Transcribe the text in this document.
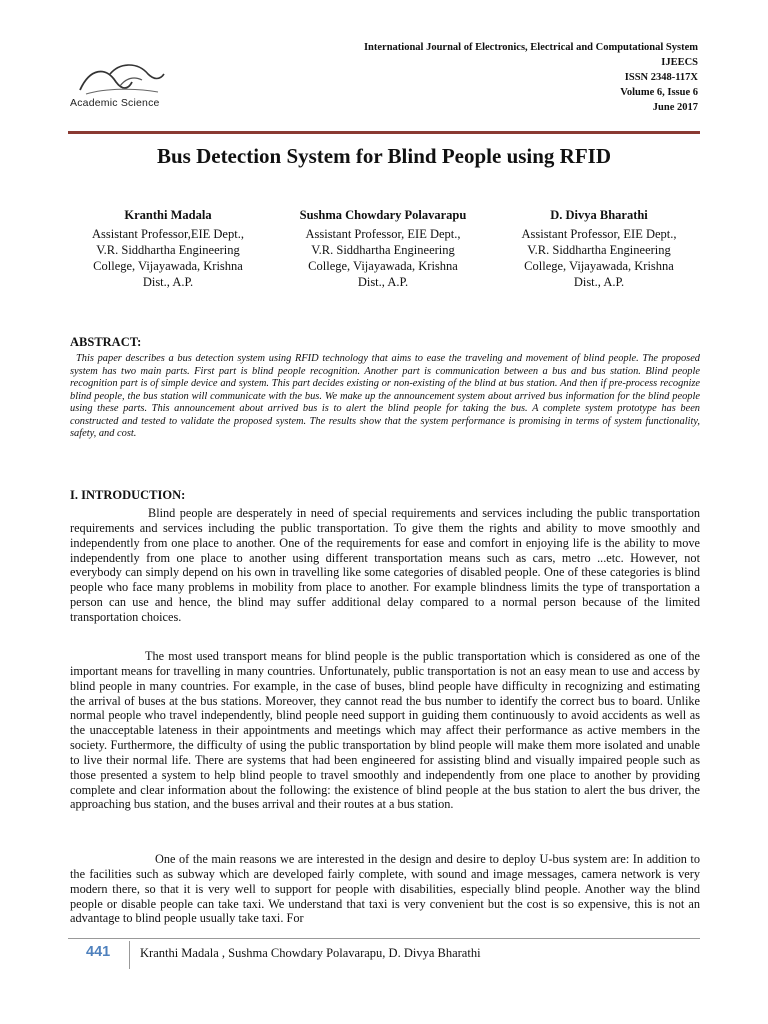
Academic Science
International Journal of Electronics, Electrical and Computational System
IJEECS
ISSN 2348-117X
Volume 6, Issue 6
June 2017
Bus Detection System for Blind People using RFID
Kranthi Madala
Assistant Professor,EIE Dept.,
V.R. Siddhartha Engineering
College, Vijayawada, Krishna
Dist., A.P.
Sushma Chowdary Polavarapu
Assistant Professor, EIE Dept.,
V.R. Siddhartha Engineering
College, Vijayawada, Krishna
Dist., A.P.
D. Divya Bharathi
Assistant Professor, EIE Dept.,
V.R. Siddhartha Engineering
College, Vijayawada, Krishna
Dist., A.P.
ABSTRACT:

This paper describes a bus detection system using RFID technology that aims to ease the traveling and movement of blind people. The proposed system has two main parts. First part is blind people recognition. Another part is communication between a bus and bus station. Blind people recognition part is of simple device and system. This part decides existing or non-existing of the blind at bus station. And then if pre-process recognize blind people, the bus station will communicate with the bus. We make up the announcement system about arrived bus information for the blind people using these parts. This announcement about arrived bus is to alert the blind people for taking the bus. A complete system prototype has been constructed and tested to validate the proposed system. The results show that the system performance is promising in terms of system functionality, safety, and cost.

I. INTRODUCTION:

Blind people are desperately in need of special requirements and services including the public transportation requirements and services including the public transportation. To give them the rights and ability to move smoothly and independently from one place to another. One of the requirements for ease and comfort in enjoying life is the ability to move independently from one place to another using different transportation means such as cars, metro ...etc. However, not everybody can simply depend on his own in travelling like some categories of disabled people. One of these categories is blind people who face many problems in mobility from place to another. For example blindness limits the type of transportation a person can use and hence, the blind may suffer additional delay compared to a normal person because of the limited transportation choices.

The most used transport means for blind people is the public transportation which is considered as one of the important means for travelling in many countries. Unfortunately, public transportation is not an easy mean to use and access by blind people in many countries. For example, in the case of buses, blind people have difficulty in recognizing and estimating the arrival of buses at the bus stations. Moreover, they cannot read the bus number to identify the correct bus to board. Unlike normal people who travel independently, blind people need support in guiding them continuously to avoid accidents as well as the unacceptable lateness in their appointments and meetings which may affect their performance as active members in the society. Furthermore, the difficulty of using the public transportation by blind people will make them more isolated and unable to live their normal life. There are systems that had been engineered for assisting blind and visually impaired people such as those presented a system to help blind people to travel smoothly and independently from one place to another by providing complete and clear information about the following: the existence of blind people at the bus station to alert the bus driver, the approaching bus station, and the buses arrival and their routes at a bus station.

One of the main reasons we are interested in the design and desire to deploy U-bus system are: In addition to the facilities such as subway which are developed fairly complete, with sound and image messages, camera network is very modern there, so that it is very well to support for people with disabilities, especially blind people. Another way the blind people or disable people can take taxi. We understand that taxi is very convenient but the cost is so expensive, this is not an advantage to blind people usually take taxi. For

441 Kranthi Madala , Sushma Chowdary Polavarapu, D. Divya Bharathi
